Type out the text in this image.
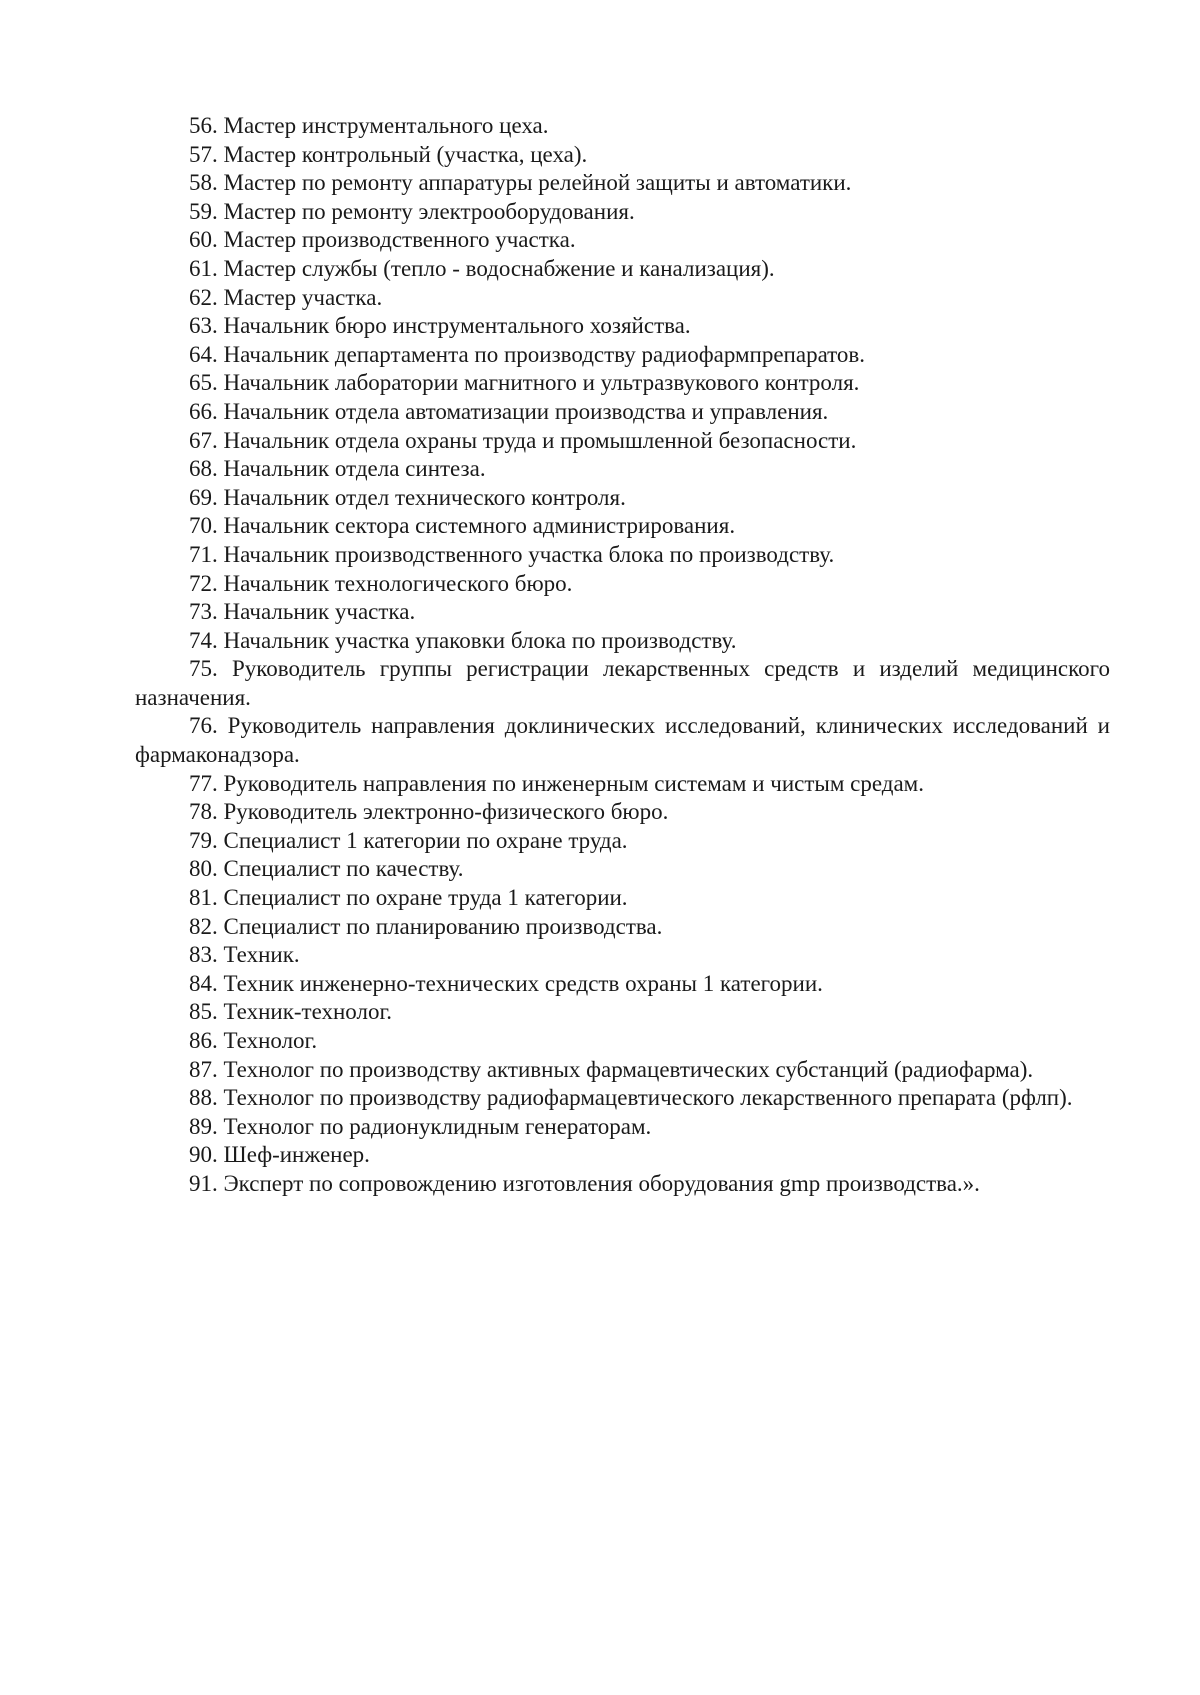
56. Мастер инструментального цеха.

57. Мастер контрольный (участка, цеха).

58. Мастер по ремонту аппаратуры релейной защиты и автоматики.

59. Мастер по ремонту электрооборудования.

60. Мастер производственного участка.

61. Мастер службы (тепло - водоснабжение и канализация).

62. Мастер участка.

63. Начальник бюро инструментального хозяйства.

64. Начальник департамента по производству радиофармпрепаратов.

65. Начальник лаборатории магнитного и ультразвукового контроля.

66. Начальник отдела автоматизации производства и управления.

67. Начальник отдела охраны труда и промышленной безопасности.

68. Начальник отдела синтеза.

69. Начальник отдел технического контроля.

70. Начальник сектора системного администрирования.

71. Начальник производственного участка блока по производству.

72. Начальник технологического бюро.

73. Начальник участка.

74. Начальник участка упаковки блока по производству.

75. Руководитель группы регистрации лекарственных средств и изделий медицинского назначения.

76. Руководитель направления доклинических исследований, клинических исследований и фармаконадзора.

77. Руководитель направления по инженерным системам и чистым средам.

78. Руководитель электронно-физического бюро.

79. Специалист 1 категории по охране труда.

80. Специалист по качеству.

81. Специалист по охране труда 1 категории.

82. Специалист по планированию производства.

83. Техник.

84. Техник инженерно-технических средств охраны 1 категории.

85. Техник-технолог.

86. Технолог.

87. Технолог по производству активных фармацевтических субстанций (радиофарма).

88. Технолог по производству радиофармацевтического лекарственного препарата (рфлп).

89. Технолог по радионуклидным генераторам.

90. Шеф-инженер.

91. Эксперт по сопровождению изготовления оборудования gmp производства.».
